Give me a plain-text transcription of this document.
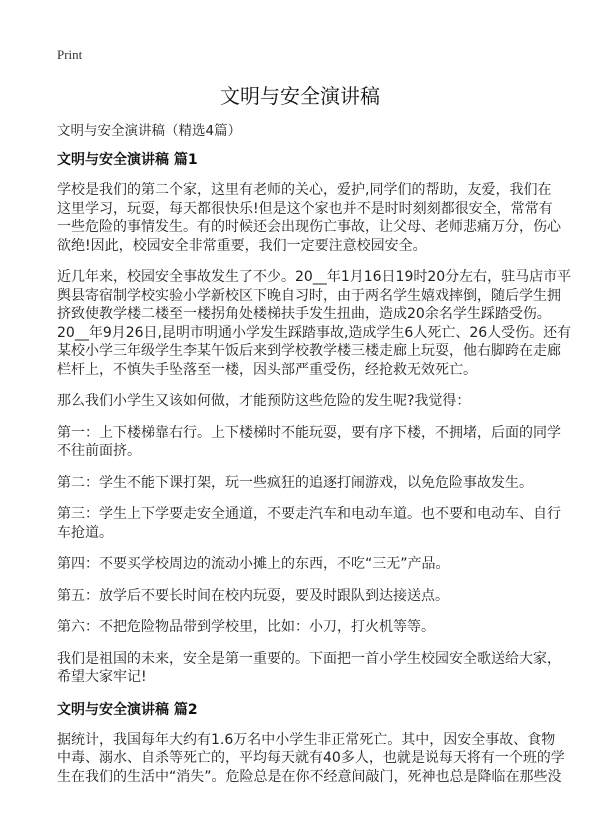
Print
文明与安全演讲稿
文明与安全演讲稿（精选4篇）
文明与安全演讲稿 篇1
学校是我们的第二个家，这里有老师的关心，爱护,同学们的帮助，友爱，我们在
这里学习，玩耍，每天都很快乐!但是这个家也并不是时时刻刻都很安全，常常有
一些危险的事情发生。有的时候还会出现伤亡事故，让父母、老师悲痛万分，伤心
欲绝!因此，校园安全非常重要，我们一定要注意校园安全。
近几年来，校园安全事故发生了不少。20__年1月16日19时20分左右，驻马店市平
舆县寄宿制学校实验小学新校区下晚自习时，由于两名学生嬉戏摔倒，随后学生拥
挤致使教学楼二楼至一楼拐角处楼梯扶手发生扭曲，造成20余名学生踩踏受伤。
20__年9月26日,昆明市明通小学发生踩踏事故,造成学生6人死亡、26人受伤。还有
某校小学三年级学生李某午饭后来到学校教学楼三楼走廊上玩耍，他右脚跨在走廊
栏杆上，不慎失手坠落至一楼，因头部严重受伤，经抢救无效死亡。
那么我们小学生又该如何做，才能预防这些危险的发生呢?我觉得：
第一：上下楼梯靠右行。上下楼梯时不能玩耍，要有序下楼，不拥堵，后面的同学
不往前面挤。
第二：学生不能下课打架，玩一些疯狂的追逐打闹游戏，以免危险事故发生。
第三：学生上下学要走安全通道，不要走汽车和电动车道。也不要和电动车、自行
车抢道。
第四：不要买学校周边的流动小摊上的东西，不吃“三无”产品。
第五：放学后不要长时间在校内玩耍，要及时跟队到达接送点。
第六：不把危险物品带到学校里，比如：小刀，打火机等等。
我们是祖国的未来，安全是第一重要的。下面把一首小学生校园安全歌送给大家，
希望大家牢记!
文明与安全演讲稿 篇2
据统计，我国每年大约有1.6万名中小学生非正常死亡。其中，因安全事故、食物
中毒、溺水、自杀等死亡的，平均每天就有40多人，也就是说每天将有一个班的学
生在我们的生活中“消失”。危险总是在你不经意间敲门，死神也总是降临在那些没
